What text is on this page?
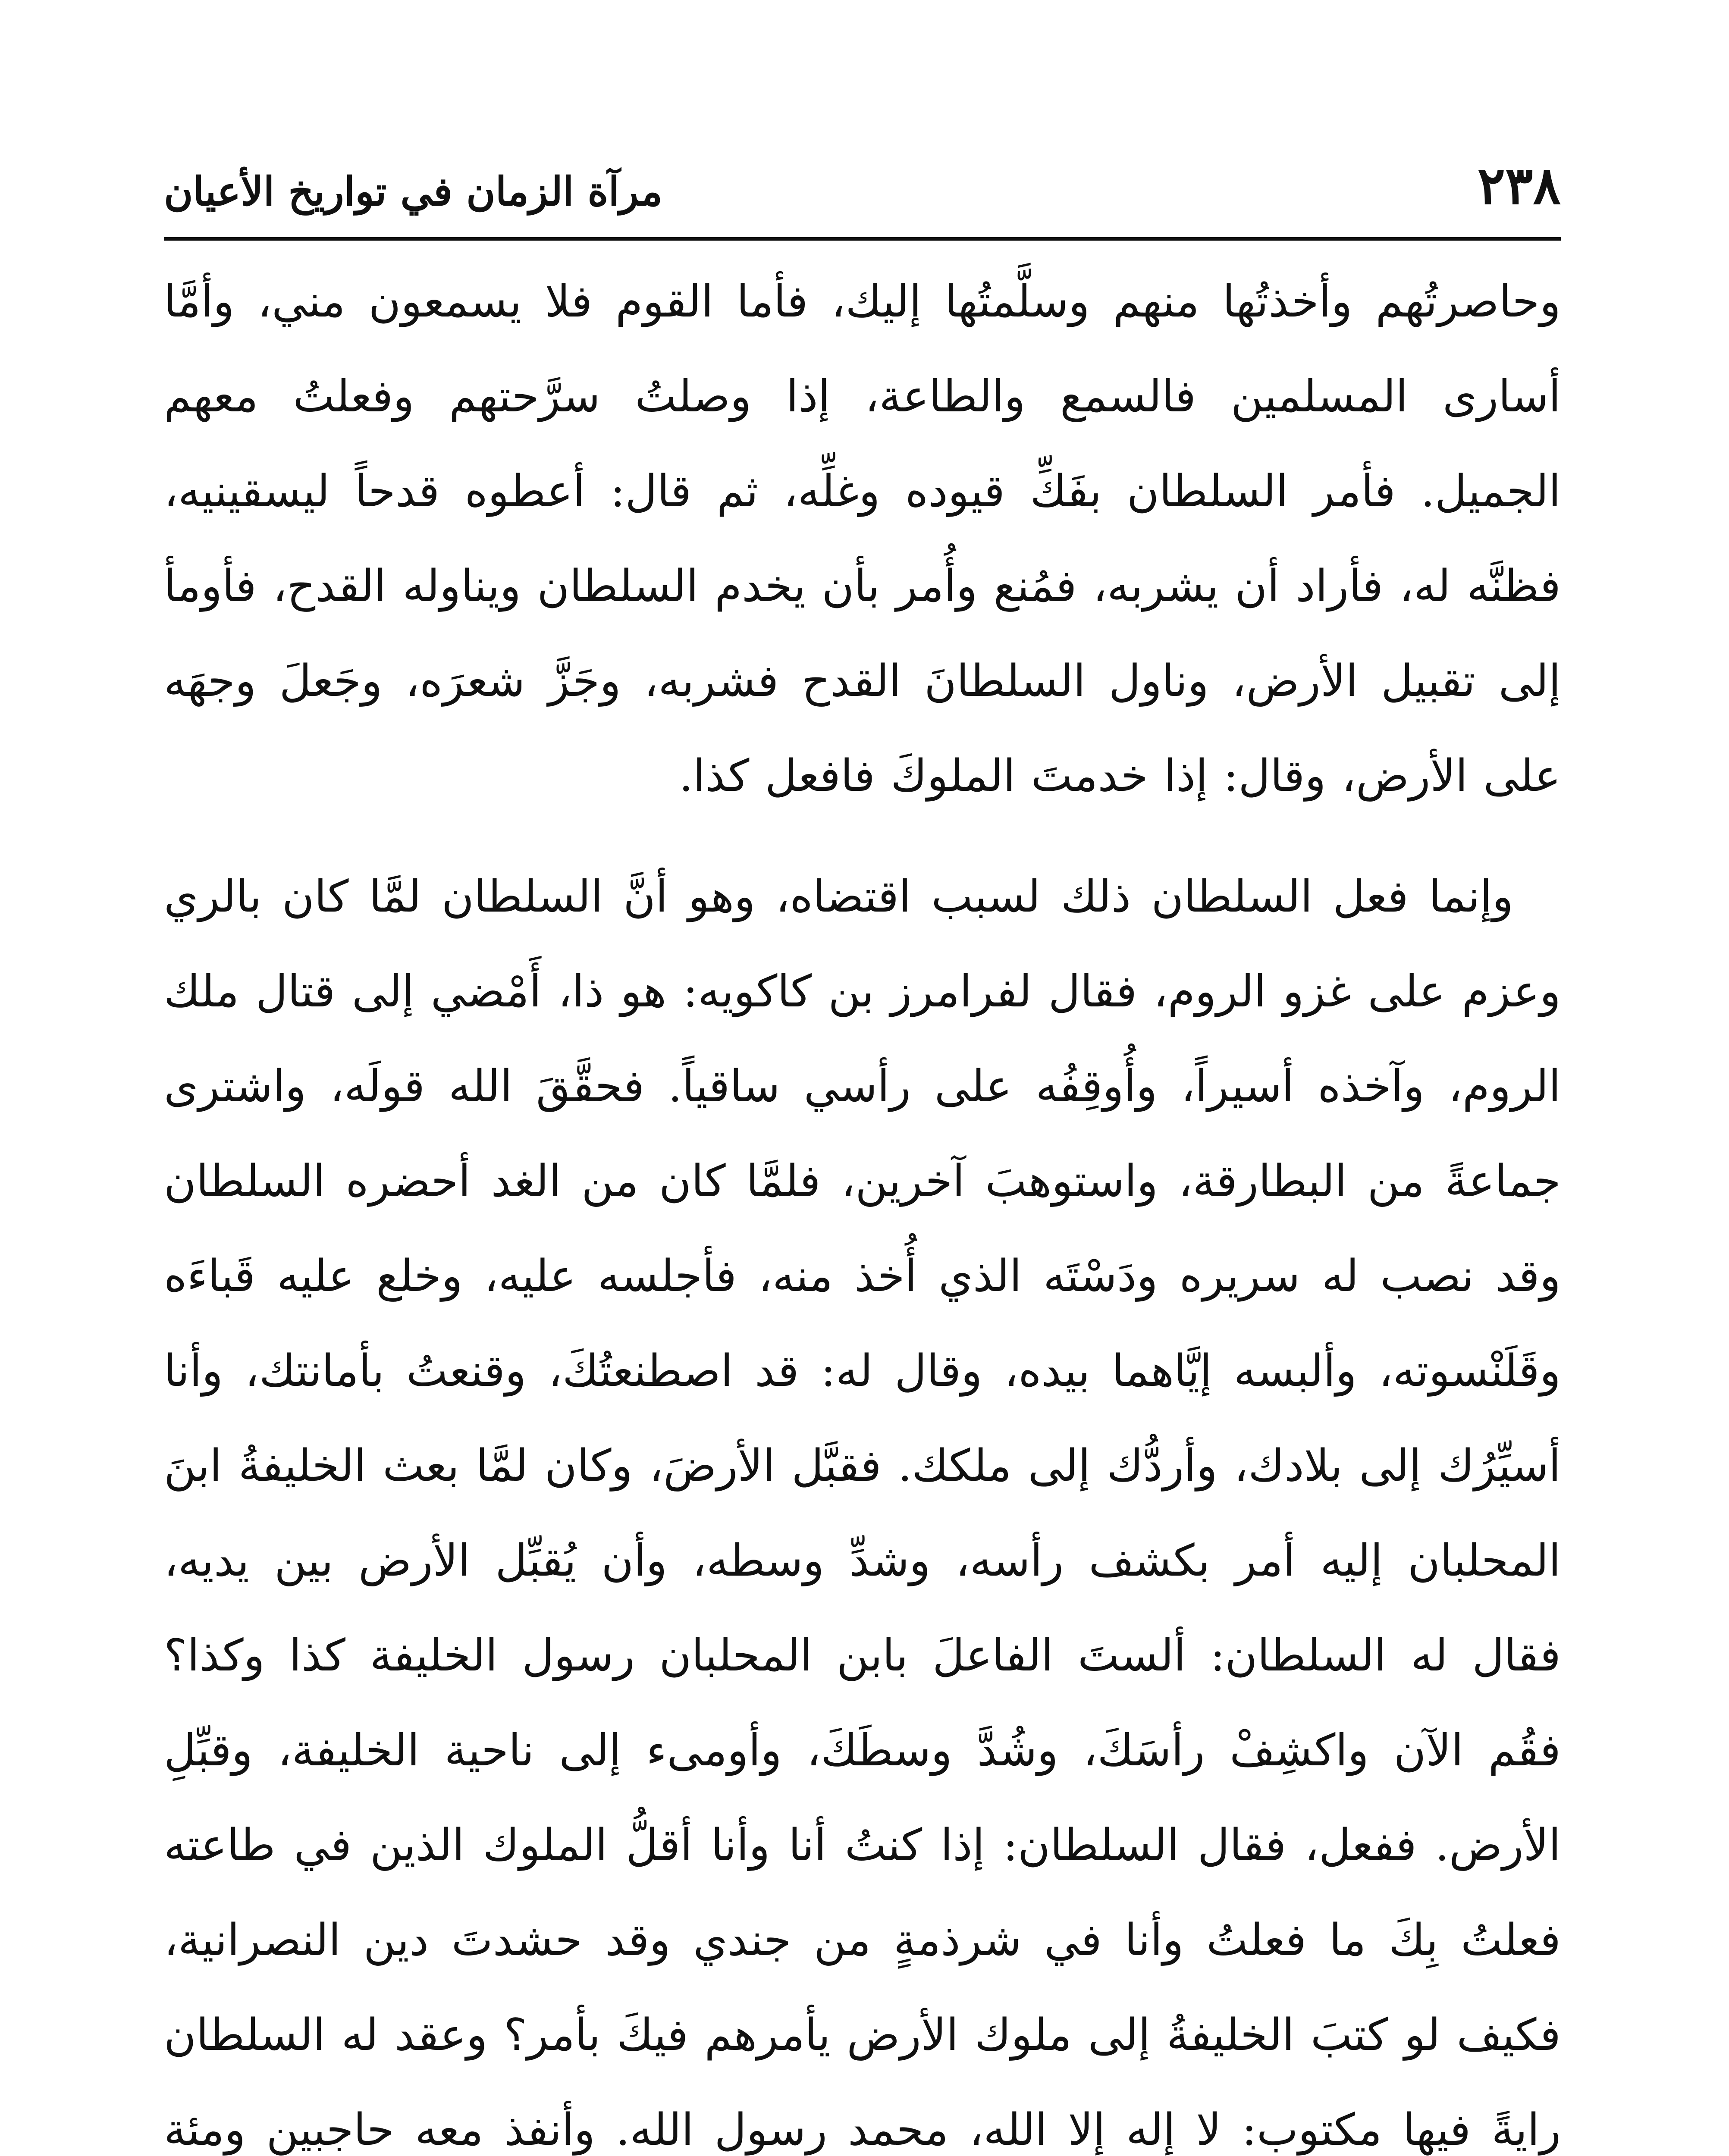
٢٣٨
مرآة الزمان في تواريخ الأعيان

وحاصرتُهم وأخذتُها منهم وسلَّمتُها إليك، فأما القوم فلا يسمعون مني، وأمَّا أسارى المسلمين فالسمع والطاعة، إذا وصلتُ سرَّحتهم وفعلتُ معهم الجميل. فأمر السلطان بفَكِّ قيوده وغلِّه، ثم قال: أعطوه قدحاً ليسقينيه، فظنَّه له، فأراد أن يشربه، فمُنع وأُمر بأن يخدم السلطان ويناوله القدح، فأومأ إلى تقبيل الأرض، وناول السلطانَ القدح فشربه، وجَزَّ شعرَه، وجَعلَ وجهَه على الأرض، وقال: إذا خدمتَ الملوكَ فافعل كذا.

وإنما فعل السلطان ذلك لسبب اقتضاه، وهو أنَّ السلطان لمَّا كان بالري وعزم على غزو الروم، فقال لفرامرز بن كاكويه: هو ذا، أَمْضي إلى قتال ملك الروم، وآخذه أسيراً، وأُوقِفُه على رأسي ساقياً. فحقَّقَ الله قولَه، واشترى جماعةً من البطارقة، واستوهبَ آخرين، فلمَّا كان من الغد أحضره السلطان وقد نصب له سريره ودَسْتَه الذي أُخذ منه، فأجلسه عليه، وخلع عليه قَباءَه وقَلَنْسوته، وألبسه إيَّاهما بيده، وقال له: قد اصطنعتُكَ، وقنعتُ بأمانتك، وأنا أسيِّرُك إلى بلادك، وأردُّك إلى ملكك. فقبَّل الأرضَ، وكان لمَّا بعث الخليفةُ ابنَ المحلبان إليه أمر بكشف رأسه، وشدِّ وسطه، وأن يُقبِّل الأرض بين يديه، فقال له السلطان: ألستَ الفاعلَ بابن المحلبان رسول الخليفة كذا وكذا؟ فقُم الآن واكشِفْ رأسَكَ، وشُدَّ وسطَكَ، وأومىء إلى ناحية الخليفة، وقبِّلِ الأرض. ففعل، فقال السلطان: إذا كنتُ أنا وأنا أقلُّ الملوك الذين في طاعته فعلتُ بِكَ ما فعلتُ وأنا في شرذمةٍ من جندي وقد حشدتَ دين النصرانية، فكيف لو كتبَ الخليفةُ إلى ملوك الأرض يأمرهم فيكَ بأمر؟ وعقد له السلطان رايةً فيها مكتوب: لا إله إلا الله، محمد رسول الله. وأنفذ معه حاجبين ومئة
